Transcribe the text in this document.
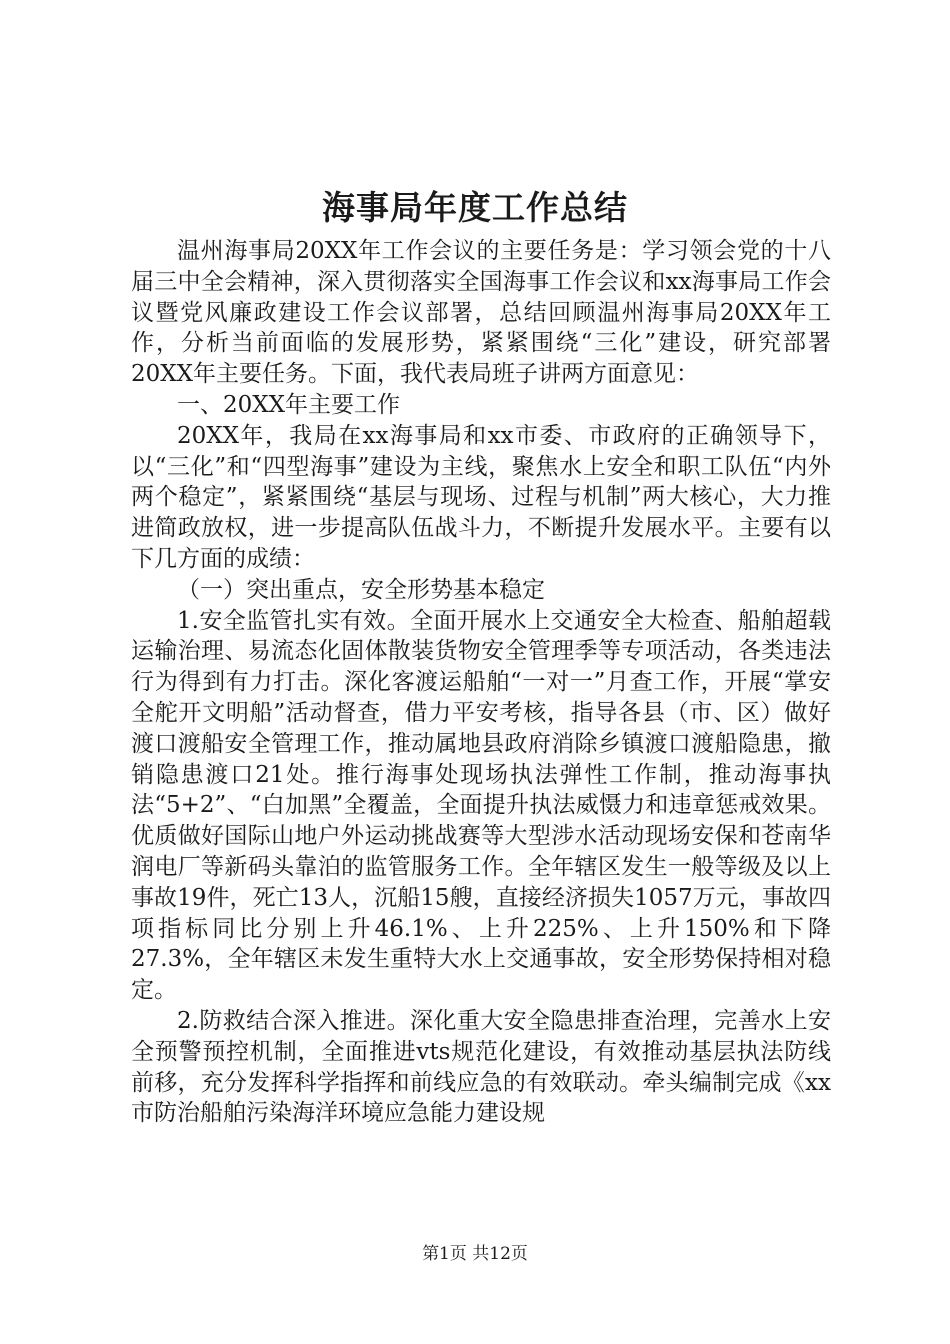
海事局年度工作总结

温州海事局20XX年工作会议的主要任务是：学习领会党的十八届三中全会精神，深入贯彻落实全国海事工作会议和xx海事局工作会议暨党风廉政建设工作会议部署，总结回顾温州海事局20XX年工作，分析当前面临的发展形势，紧紧围绕“三化”建设，研究部署20XX年主要任务。下面，我代表局班子讲两方面意见：

一、20XX年主要工作

20XX年，我局在xx海事局和xx市委、市政府的正确领导下，以“三化”和“四型海事”建设为主线，聚焦水上安全和职工队伍“内外两个稳定”，紧紧围绕“基层与现场、过程与机制”两大核心，大力推进简政放权，进一步提高队伍战斗力，不断提升发展水平。主要有以下几方面的成绩：

（一）突出重点，安全形势基本稳定

1.安全监管扎实有效。全面开展水上交通安全大检查、船舶超载运输治理、易流态化固体散装货物安全管理季等专项活动，各类违法行为得到有力打击。深化客渡运船舶“一对一”月查工作，开展“掌安全舵开文明船”活动督查，借力平安考核，指导各县（市、区）做好渡口渡船安全管理工作，推动属地县政府消除乡镇渡口渡船隐患，撤销隐患渡口21处。推行海事处现场执法弹性工作制，推动海事执法“5+2”、“白加黑”全覆盖，全面提升执法威慑力和违章惩戒效果。优质做好国际山地户外运动挑战赛等大型涉水活动现场安保和苍南华润电厂等新码头靠泊的监管服务工作。全年辖区发生一般等级及以上事故19件，死亡13人，沉船15艘，直接经济损失1057万元，事故四项指标同比分别上升46.1%、上升225%、上升150%和下降27.3%，全年辖区未发生重特大水上交通事故，安全形势保持相对稳定。

2.防救结合深入推进。深化重大安全隐患排查治理，完善水上安全预警预控机制，全面推进vts规范化建设，有效推动基层执法防线前移，充分发挥科学指挥和前线应急的有效联动。牵头编制完成《xx市防治船舶污染海洋环境应急能力建设规

第1页 共12页
